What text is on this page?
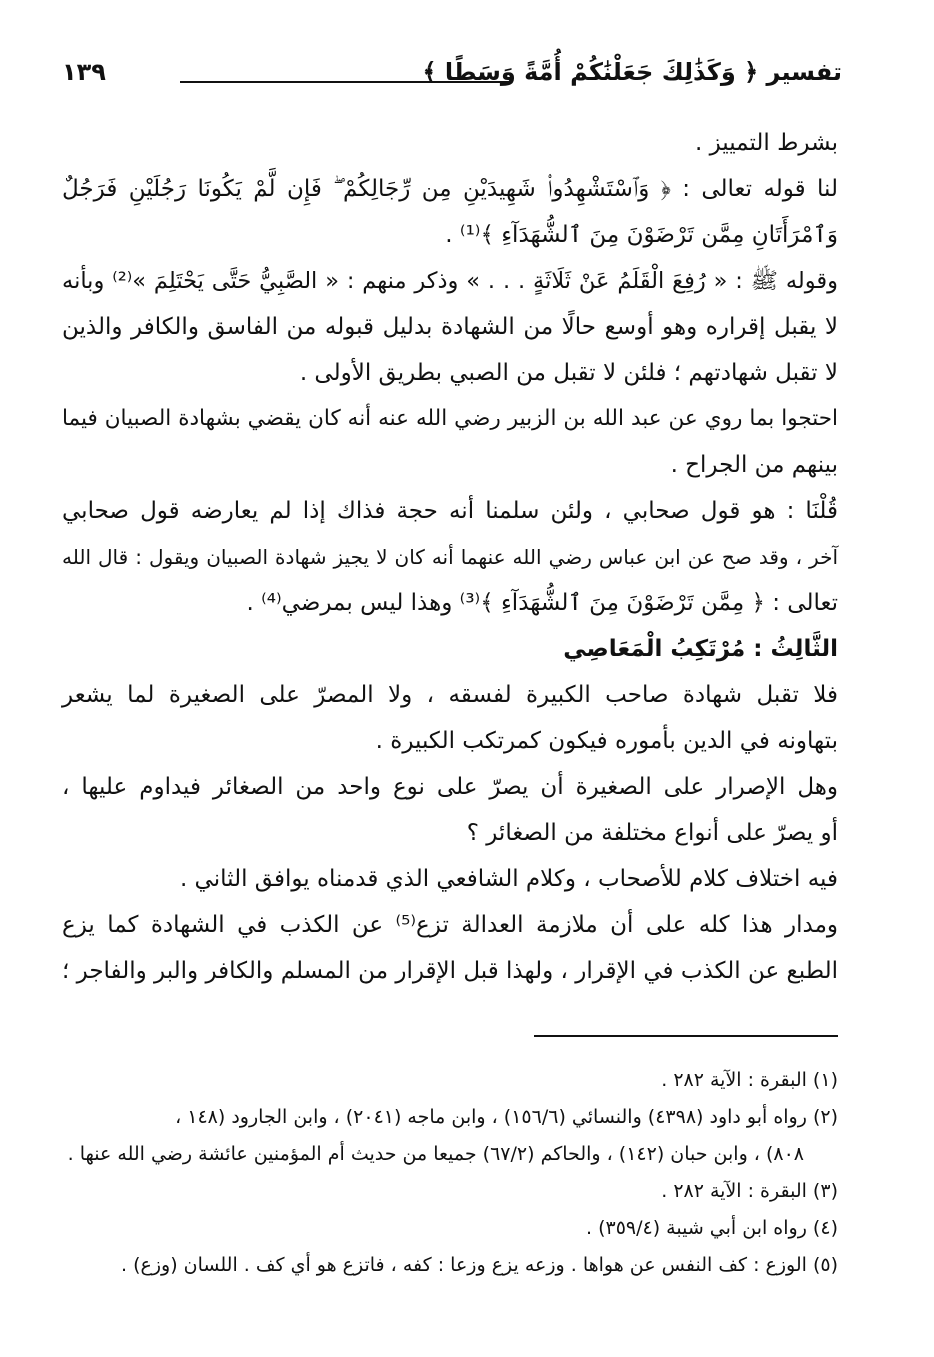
تفسير ﴿ وَكَذَٰلِكَ جَعَلْنَٰكُمْ أُمَّةً وَسَطًا ﴾
١٣٩
بشرط التمييز .
لنا قوله تعالى : ﴿ وَٱسْتَشْهِدُوا۟ شَهِيدَيْنِ مِن رِّجَالِكُمْ ۖ فَإِن لَّمْ يَكُونَا رَجُلَيْنِ فَرَجُلٌ
وَٱمْرَأَتَانِ مِمَّن تَرْضَوْنَ مِنَ ٱلشُّهَدَآءِ ﴾⁽¹⁾ .
وقوله ﷺ : « رُفِعَ الْقَلَمُ عَنْ ثَلَاثَةٍ . . . » وذكر منهم : « الصَّبِيُّ حَتَّى يَحْتَلِمَ »⁽²⁾ وبأنه
لا يقبل إقراره وهو أوسع حالًا من الشهادة بدليل قبوله من الفاسق والكافر والذين
لا تقبل شهادتهم ؛ فلئن لا تقبل من الصبي بطريق الأولى .
احتجوا بما روي عن عبد الله بن الزبير رضي الله عنه أنه كان يقضي بشهادة الصبيان فيما
بينهم من الجراح .
قُلْنَا : هو قول صحابي ، ولئن سلمنا أنه حجة فذاك إذا لم يعارضه قول صحابي
آخر ، وقد صح عن ابن عباس رضي الله عنهما أنه كان لا يجيز شهادة الصبيان ويقول : قال الله
تعالى : ﴿ مِمَّن تَرْضَوْنَ مِنَ ٱلشُّهَدَآءِ ﴾⁽³⁾ وهذا ليس بمرضي⁽⁴⁾ .
الثَّالِثُ : مُرْتَكِبُ الْمَعَاصِي
فلا تقبل شهادة صاحب الكبيرة لفسقه ، ولا المصرّ على الصغيرة لما يشعر
بتهاونه في الدين بأموره فيكون كمرتكب الكبيرة .
وهل الإصرار على الصغيرة أن يصرّ على نوع واحد من الصغائر فيداوم عليها ،
أو يصرّ على أنواع مختلفة من الصغائر ؟
فيه اختلاف كلام للأصحاب ، وكلام الشافعي الذي قدمناه يوافق الثاني .
ومدار هذا كله على أن ملازمة العدالة تزع⁽⁵⁾ عن الكذب في الشهادة كما يزع
الطبع عن الكذب في الإقرار ، ولهذا قبل الإقرار من المسلم والكافر والبر والفاجر ؛
(١) البقرة : الآية ٢٨٢ .
(٢) رواه أبو داود (٤٣٩٨) والنسائي (١٥٦/٦) ، وابن ماجه (٢٠٤١) ، وابن الجارود (١٤٨ ،
٨٠٨) ، وابن حبان (١٤٢) ، والحاكم (٦٧/٢) جميعا من حديث أم المؤمنين عائشة رضي الله عنها .
(٣) البقرة : الآية ٢٨٢ .
(٤) رواه ابن أبي شيبة (٣٥٩/٤) .
(٥) الوزع : كف النفس عن هواها . وزعه يزع وزعا : كفه ، فاتزع هو أي كف . اللسان (وزع) .
